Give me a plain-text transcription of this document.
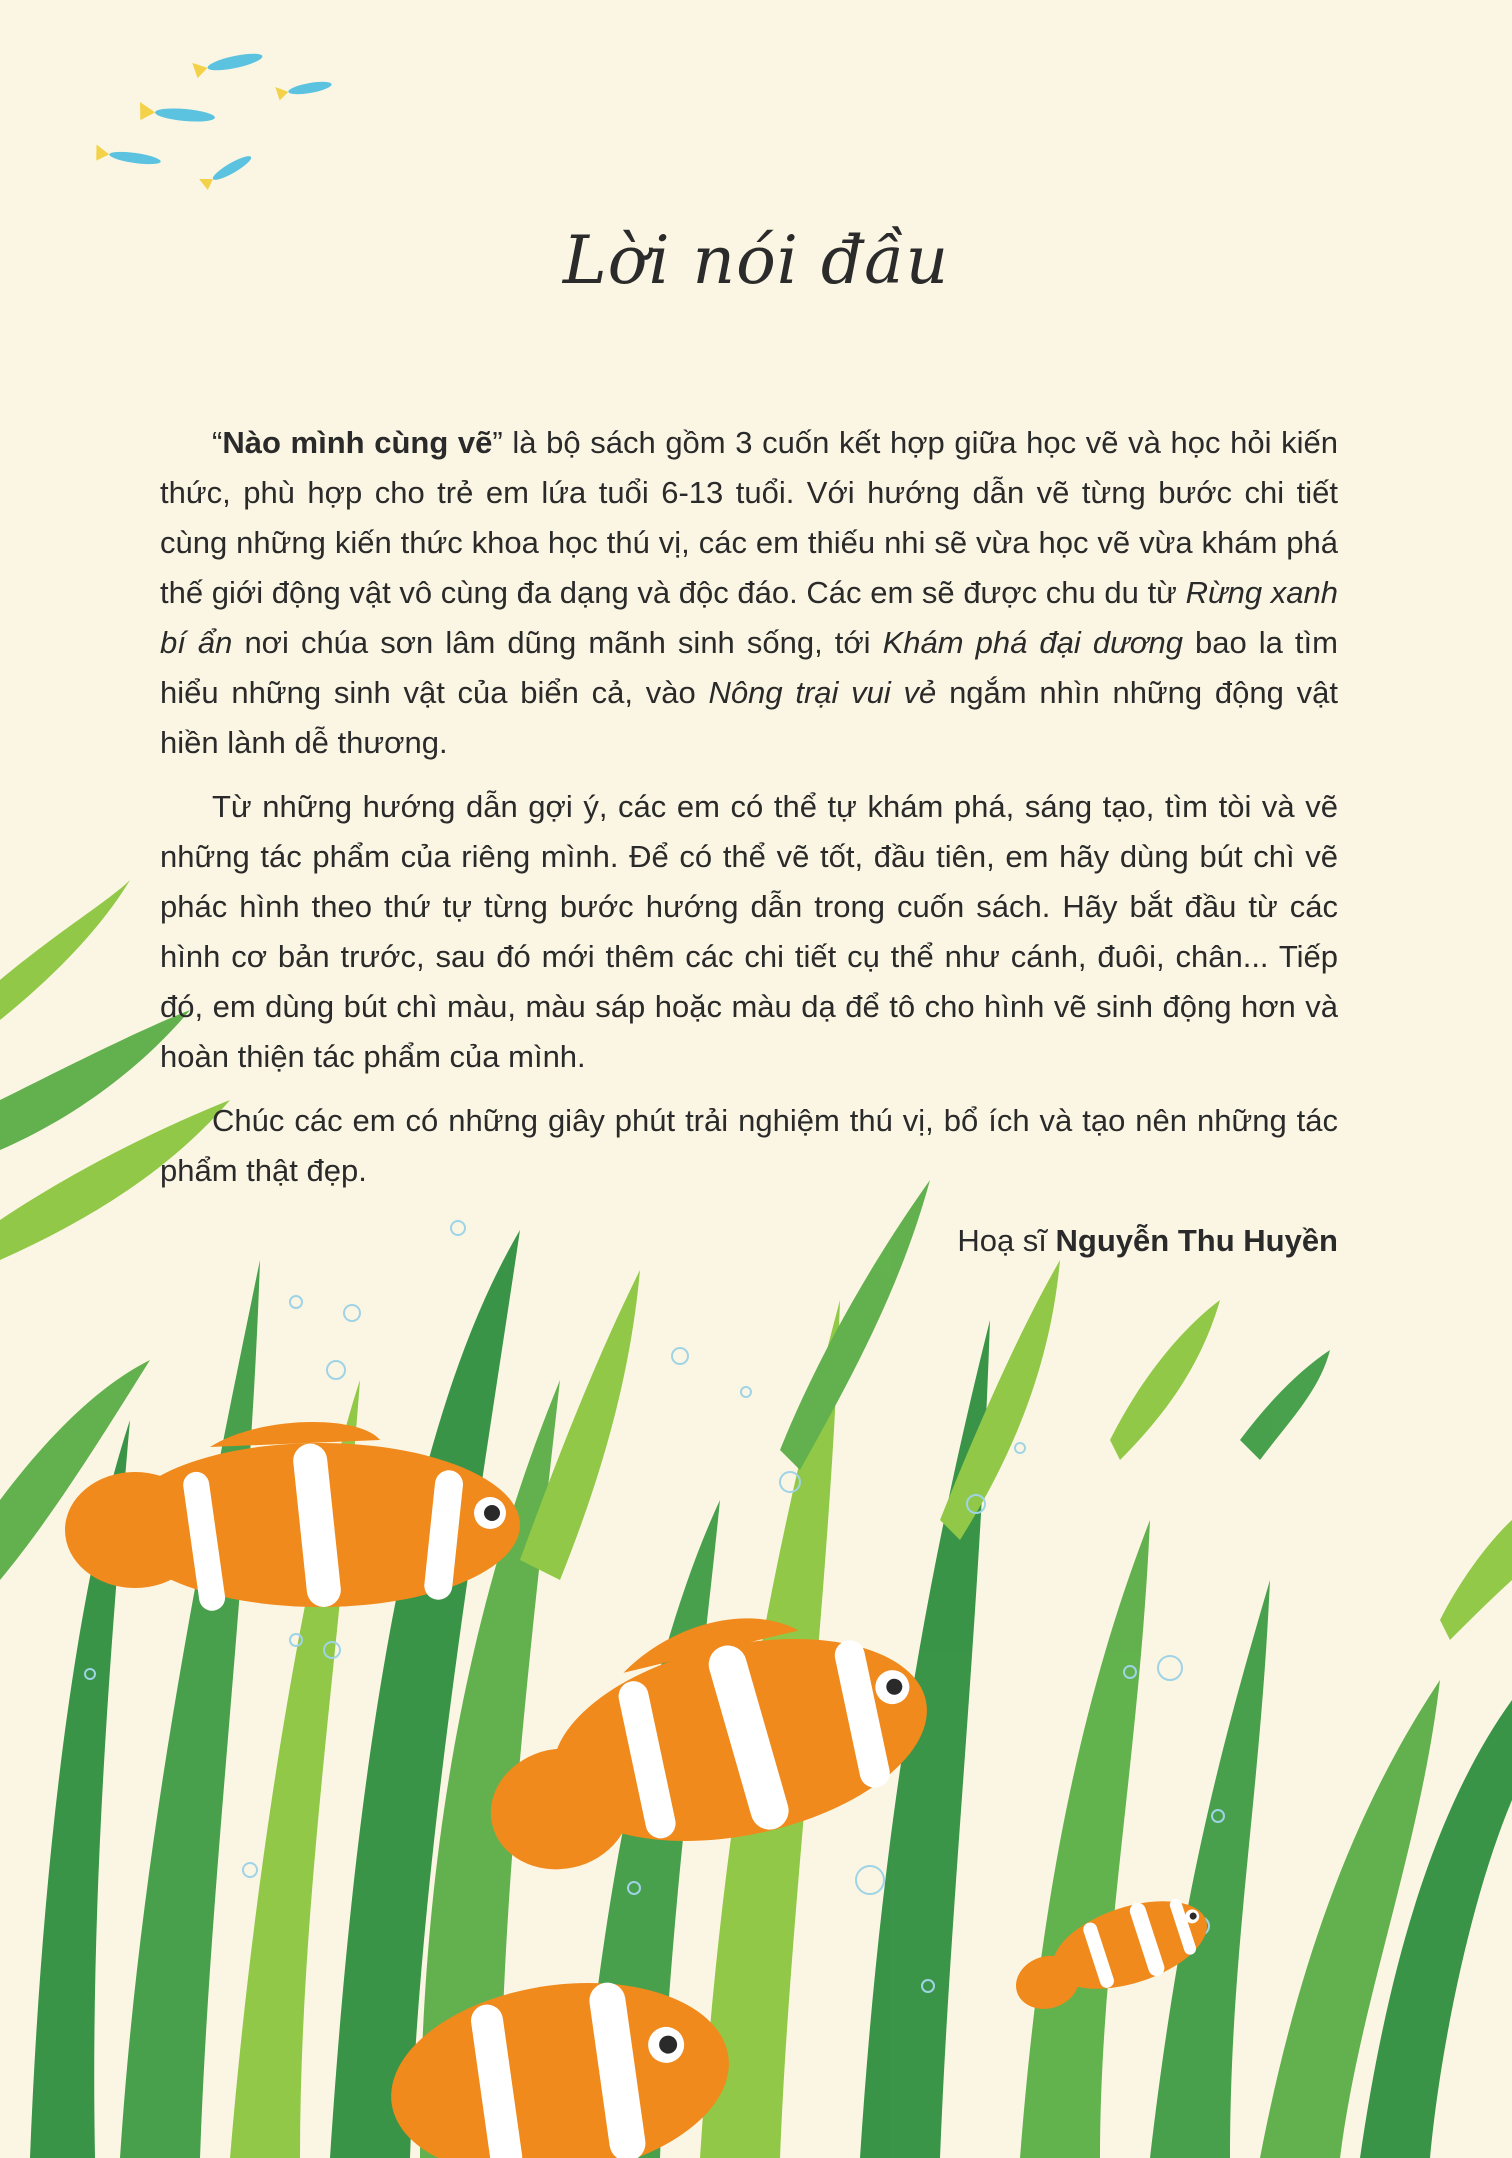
Lời nói đầu

“Nào mình cùng vẽ” là bộ sách gồm 3 cuốn kết hợp giữa học vẽ và học hỏi kiến thức, phù hợp cho trẻ em lứa tuổi 6-13 tuổi. Với hướng dẫn vẽ từng bước chi tiết cùng những kiến thức khoa học thú vị, các em thiếu nhi sẽ vừa học vẽ vừa khám phá thế giới động vật vô cùng đa dạng và độc đáo. Các em sẽ được chu du từ Rừng xanh bí ẩn nơi chúa sơn lâm dũng mãnh sinh sống, tới Khám phá đại dương bao la tìm hiểu những sinh vật của biển cả, vào Nông trại vui vẻ ngắm nhìn những động vật hiền lành dễ thương.

Từ những hướng dẫn gợi ý, các em có thể tự khám phá, sáng tạo, tìm tòi và vẽ những tác phẩm của riêng mình. Để có thể vẽ tốt, đầu tiên, em hãy dùng bút chì vẽ phác hình theo thứ tự từng bước hướng dẫn trong cuốn sách. Hãy bắt đầu từ các hình cơ bản trước, sau đó mới thêm các chi tiết cụ thể như cánh, đuôi, chân... Tiếp đó, em dùng bút chì màu, màu sáp hoặc màu dạ để tô cho hình vẽ sinh động hơn và hoàn thiện tác phẩm của mình.

Chúc các em có những giây phút trải nghiệm thú vị, bổ ích và tạo nên những tác phẩm thật đẹp.

Hoạ sĩ Nguyễn Thu Huyền
